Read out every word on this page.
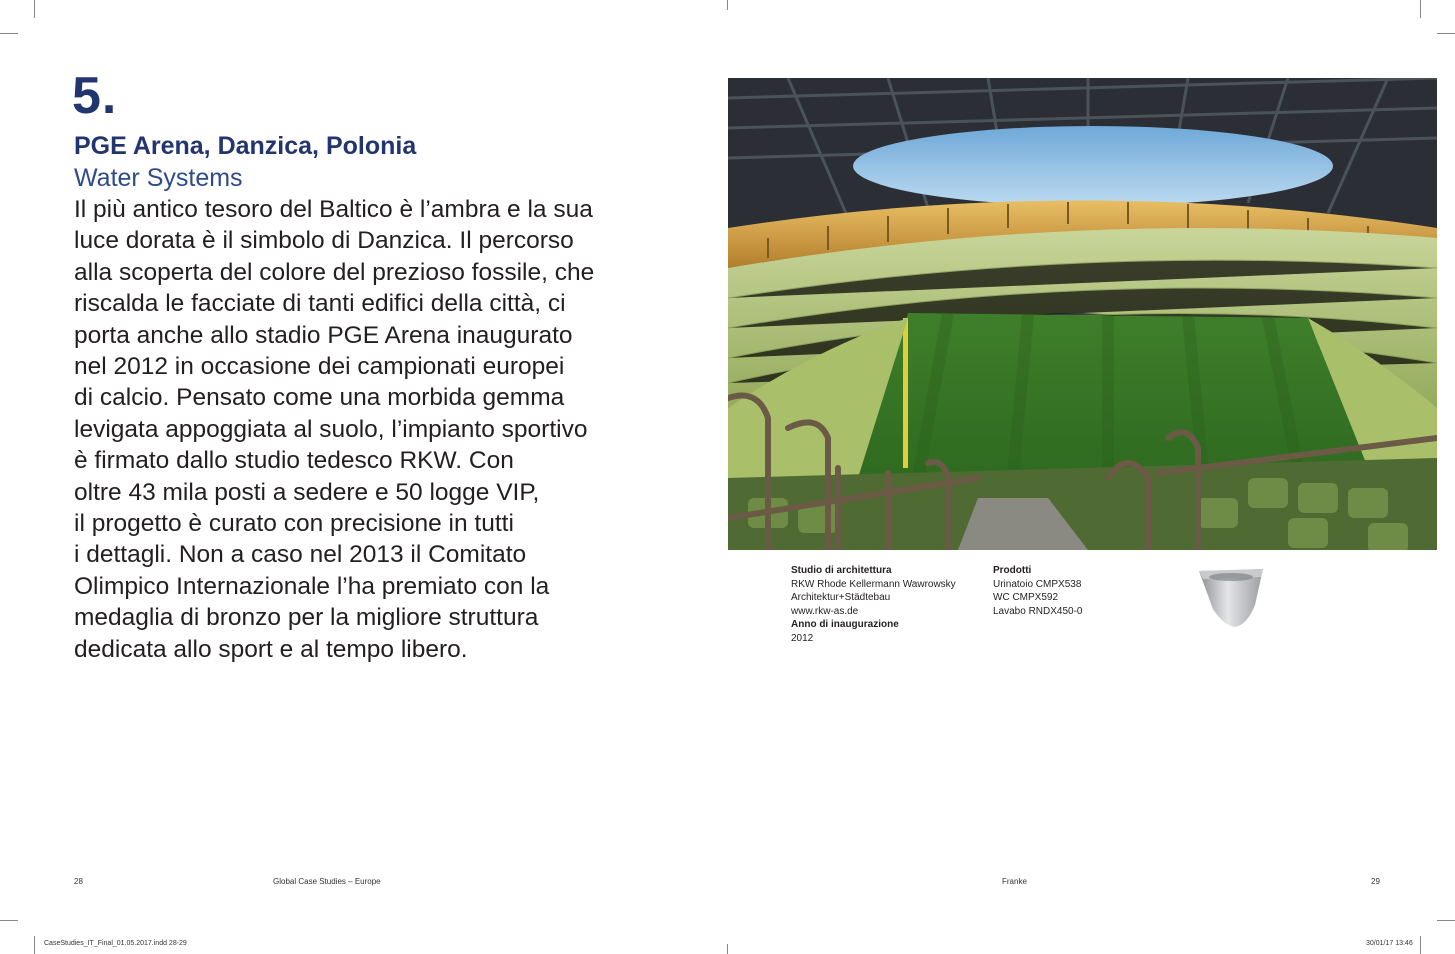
5.
PGE Arena, Danzica, Polonia
Water Systems
Il più antico tesoro del Baltico è l’ambra e la sua
luce dorata è il simbolo di Danzica. Il percorso
alla scoperta del colore del prezioso fossile, che
riscalda le facciate di tanti edifici della città, ci
porta anche allo stadio PGE Arena inaugurato
nel 2012 in occasione dei campionati europei
di calcio. Pensato come una morbida gemma
levigata appoggiata al suolo, l’impianto sportivo
è firmato dallo studio tedesco RKW. Con
oltre 43 mila posti a sedere e 50 logge VIP,
il progetto è curato con precisione in tutti
i dettagli. Non a caso nel 2013 il Comitato
Olimpico Internazionale l’ha premiato con la
medaglia di bronzo per la migliore struttura
dedicata allo sport e al tempo libero.
Studio di architettura
RKW Rhode Kellermann Wawrowsky
Architektur+Städtebau
www.rkw-as.de
Anno di inaugurazione
2012
Prodotti
Urinatoio CMPX538
WC CMPX592
Lavabo RNDX450-0
28	Global Case Studies – Europe	Franke	29
CaseStudies_IT_Final_01.05.2017.indd 28-29	30/01/17 13:46
